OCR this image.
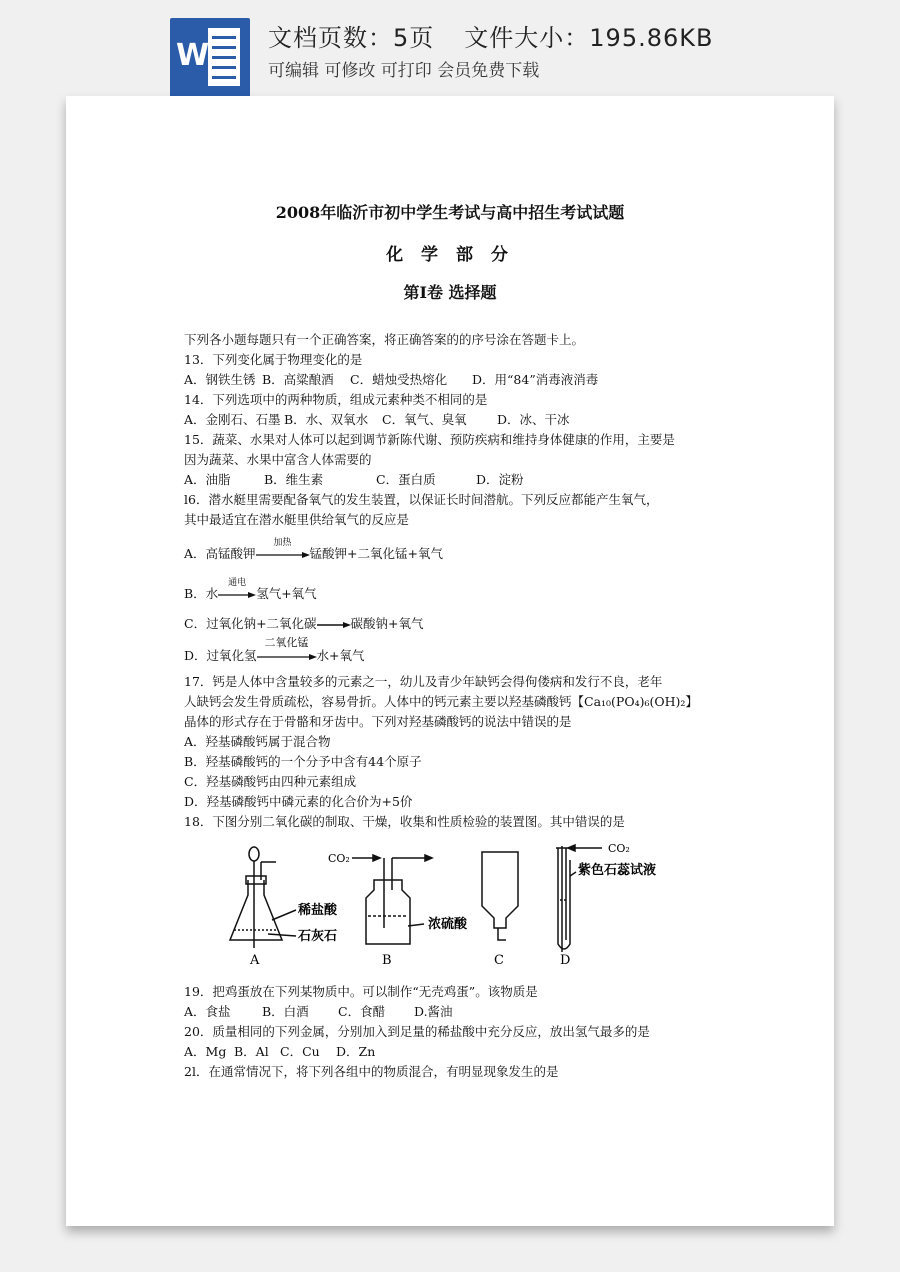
W 文档页数：5页 文件大小：195.86KB
可编辑 可修改 可打印 会员免费下载
2008年临沂市初中学生考试与高中招生考试试题
化 学 部 分
第Ⅰ卷 选择题

下列各小题每题只有一个正确答案，将正确答案的的序号涂在答题卡上。

13．下列变化属于物理变化的是

A．钢铁生锈 B．高粱酿酒 C．蜡烛受热熔化 D．用“84”消毒液消毒

14．下列选项中的两种物质，组成元素种类不相同的是

A．金刚石、石墨 B．水、双氧水 C．氧气、臭氧 D．冰、干冰

15．蔬菜、水果对人体可以起到调节新陈代谢、预防疾病和维持身体健康的作用，主要是

因为蔬菜、水果中富含人体需要的

A．油脂	B．维生素	C．蛋白质	D．淀粉

l6．潜水艇里需要配备氧气的发生装置，以保证长时间潜航。下列反应都能产生氧气，

其中最适宜在潜水艇里供给氧气的反应是

A．高锰酸钾
加热
锰酸钾+二氧化锰+氧气

B．水
通电
氢气+氧气

C．过氧化钠+二氧化碳	碳酸钠+氧气

D．过氧化氢
二氧化锰
水+氧气

17．钙是人体中含量较多的元素之一，幼儿及青少年缺钙会得佝偻病和发行不良，老年

人缺钙会发生骨质疏松，容易骨折。人体中的钙元素主要以羟基磷酸钙【Ca₁₀(PO₄)₆(OH)₂】

晶体的形式存在于骨骼和牙齿中。下列对羟基磷酸钙的说法中错误的是

A．羟基磷酸钙属于混合物

B．羟基磷酸钙的一个分予中含有44个原子

C．羟基磷酸钙由四种元素组成

D．羟基磷酸钙中磷元素的化合价为+5价

18．下图分别二氧化碳的制取、干燥，收集和性质检验的装置图。其中错误的是

稀盐酸
石灰石
A
CO₂
浓硫酸
B	C
CO₂
紫色石蕊试液
D

19．把鸡蛋放在下列某物质中。可以制作“无壳鸡蛋”。该物质是

A．食盐	B．白酒 C．食醋 D.酱油

20．质量相同的下列金属，分别加入到足量的稀盐酸中充分反应，放出氢气最多的是

A．Mg B．Al C．Cu D．Zn

2l．在通常情况下，将下列各组中的物质混合，有明显现象发生的是
